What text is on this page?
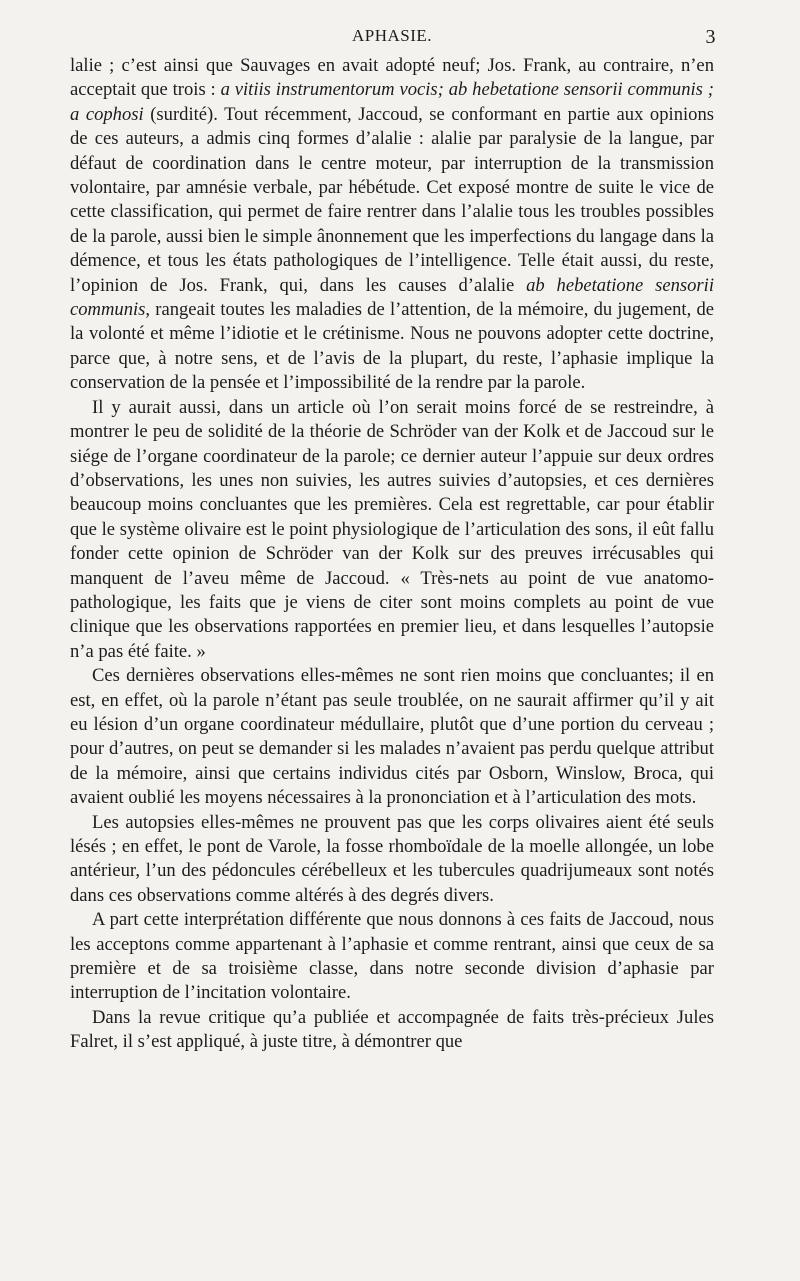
APHASIE.	3

lalie ; c’est ainsi que Sauvages en avait adopté neuf; Jos. Frank, au contraire, n’en acceptait que trois : a vitiis instrumentorum vocis; ab hebetatione sensorii communis ; a cophosi (surdité). Tout récemment, Jaccoud, se conformant en partie aux opinions de ces auteurs, a admis cinq formes d’alalie : alalie par paralysie de la langue, par défaut de coordination dans le centre moteur, par interruption de la transmission volontaire, par amnésie verbale, par hébétude. Cet exposé montre de suite le vice de cette classification, qui permet de faire rentrer dans l’alalie tous les troubles possibles de la parole, aussi bien le simple ânonnement que les imperfections du langage dans la démence, et tous les états pathologiques de l’intelligence. Telle était aussi, du reste, l’opinion de Jos. Frank, qui, dans les causes d’alalie ab hebetatione sensorii communis, rangeait toutes les maladies de l’attention, de la mémoire, du jugement, de la volonté et même l’idiotie et le crétinisme. Nous ne pouvons adopter cette doctrine, parce que, à notre sens, et de l’avis de la plupart, du reste, l’aphasie implique la conservation de la pensée et l’impossibilité de la rendre par la parole.

Il y aurait aussi, dans un article où l’on serait moins forcé de se restreindre, à montrer le peu de solidité de la théorie de Schröder van der Kolk et de Jaccoud sur le siége de l’organe coordinateur de la parole; ce dernier auteur l’appuie sur deux ordres d’observations, les unes non suivies, les autres suivies d’autopsies, et ces dernières beaucoup moins concluantes que les premières. Cela est regrettable, car pour établir que le système olivaire est le point physiologique de l’articulation des sons, il eût fallu fonder cette opinion de Schröder van der Kolk sur des preuves irrécusables qui manquent de l’aveu même de Jaccoud. « Très-nets au point de vue anatomo-pathologique, les faits que je viens de citer sont moins complets au point de vue clinique que les observations rapportées en premier lieu, et dans lesquelles l’autopsie n’a pas été faite. »

Ces dernières observations elles-mêmes ne sont rien moins que concluantes; il en est, en effet, où la parole n’étant pas seule troublée, on ne saurait affirmer qu’il y ait eu lésion d’un organe coordinateur médullaire, plutôt que d’une portion du cerveau ; pour d’autres, on peut se demander si les malades n’avaient pas perdu quelque attribut de la mémoire, ainsi que certains individus cités par Osborn, Winslow, Broca, qui avaient oublié les moyens nécessaires à la prononciation et à l’articulation des mots.

Les autopsies elles-mêmes ne prouvent pas que les corps olivaires aient été seuls lésés ; en effet, le pont de Varole, la fosse rhomboïdale de la moelle allongée, un lobe antérieur, l’un des pédoncules cérébelleux et les tubercules quadrijumeaux sont notés dans ces observations comme altérés à des degrés divers.

A part cette interprétation différente que nous donnons à ces faits de Jaccoud, nous les acceptons comme appartenant à l’aphasie et comme rentrant, ainsi que ceux de sa première et de sa troisième classe, dans notre seconde division d’aphasie par interruption de l’incitation volontaire.

Dans la revue critique qu’a publiée et accompagnée de faits très-précieux Jules Falret, il s’est appliqué, à juste titre, à démontrer que
